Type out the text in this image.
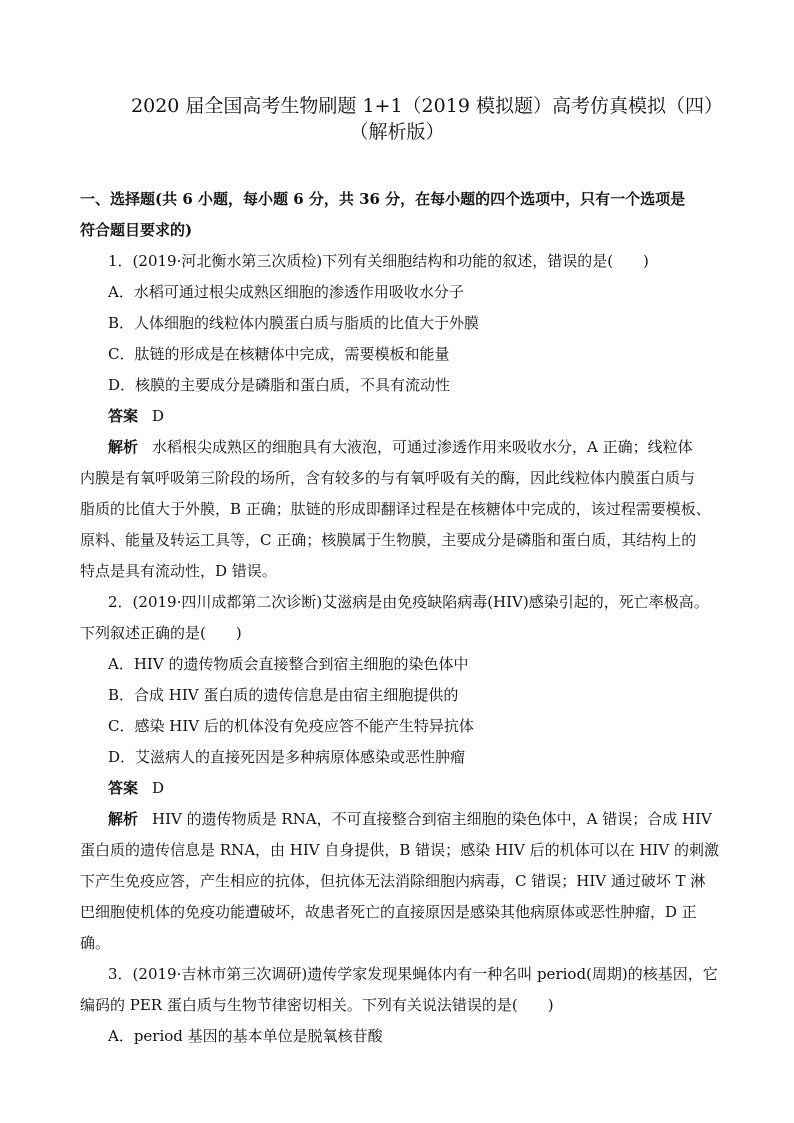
2020 届全国高考生物刷题 1+1（2019 模拟题）高考仿真模拟（四）
（解析版）

一、选择题(共 6 小题，每小题 6 分，共 36 分，在每小题的四个选项中，只有一个选项是

符合题目要求的)

1．(2019·河北衡水第三次质检)下列有关细胞结构和功能的叙述，错误的是(　　)

A．水稻可通过根尖成熟区细胞的渗透作用吸收水分子

B．人体细胞的线粒体内膜蛋白质与脂质的比值大于外膜

C．肽链的形成是在核糖体中完成，需要模板和能量

D．核膜的主要成分是磷脂和蛋白质，不具有流动性

答案 D

解析 水稻根尖成熟区的细胞具有大液泡，可通过渗透作用来吸收水分，A 正确；线粒体

内膜是有氧呼吸第三阶段的场所，含有较多的与有氧呼吸有关的酶，因此线粒体内膜蛋白质与

脂质的比值大于外膜，B 正确；肽链的形成即翻译过程是在核糖体中完成的，该过程需要模板、

原料、能量及转运工具等，C 正确；核膜属于生物膜，主要成分是磷脂和蛋白质，其结构上的

特点是具有流动性，D 错误。

2．(2019·四川成都第二次诊断)艾滋病是由免疫缺陷病毒(HIV)感染引起的，死亡率极高。

下列叙述正确的是(　　)

A．HIV 的遗传物质会直接整合到宿主细胞的染色体中

B．合成 HIV 蛋白质的遗传信息是由宿主细胞提供的

C．感染 HIV 后的机体没有免疫应答不能产生特异抗体

D．艾滋病人的直接死因是多种病原体感染或恶性肿瘤

答案 D

解析 HIV 的遗传物质是 RNA，不可直接整合到宿主细胞的染色体中，A 错误；合成 HIV

蛋白质的遗传信息是 RNA，由 HIV 自身提供，B 错误；感染 HIV 后的机体可以在 HIV 的刺激

下产生免疫应答，产生相应的抗体，但抗体无法消除细胞内病毒，C 错误；HIV 通过破坏 T 淋

巴细胞使机体的免疫功能遭破坏，故患者死亡的直接原因是感染其他病原体或恶性肿瘤，D 正

确。

3．(2019·吉林市第三次调研)遗传学家发现果蝇体内有一种名叫 period(周期)的核基因，它

编码的 PER 蛋白质与生物节律密切相关。下列有关说法错误的是(　　)

A．period 基因的基本单位是脱氧核苷酸
